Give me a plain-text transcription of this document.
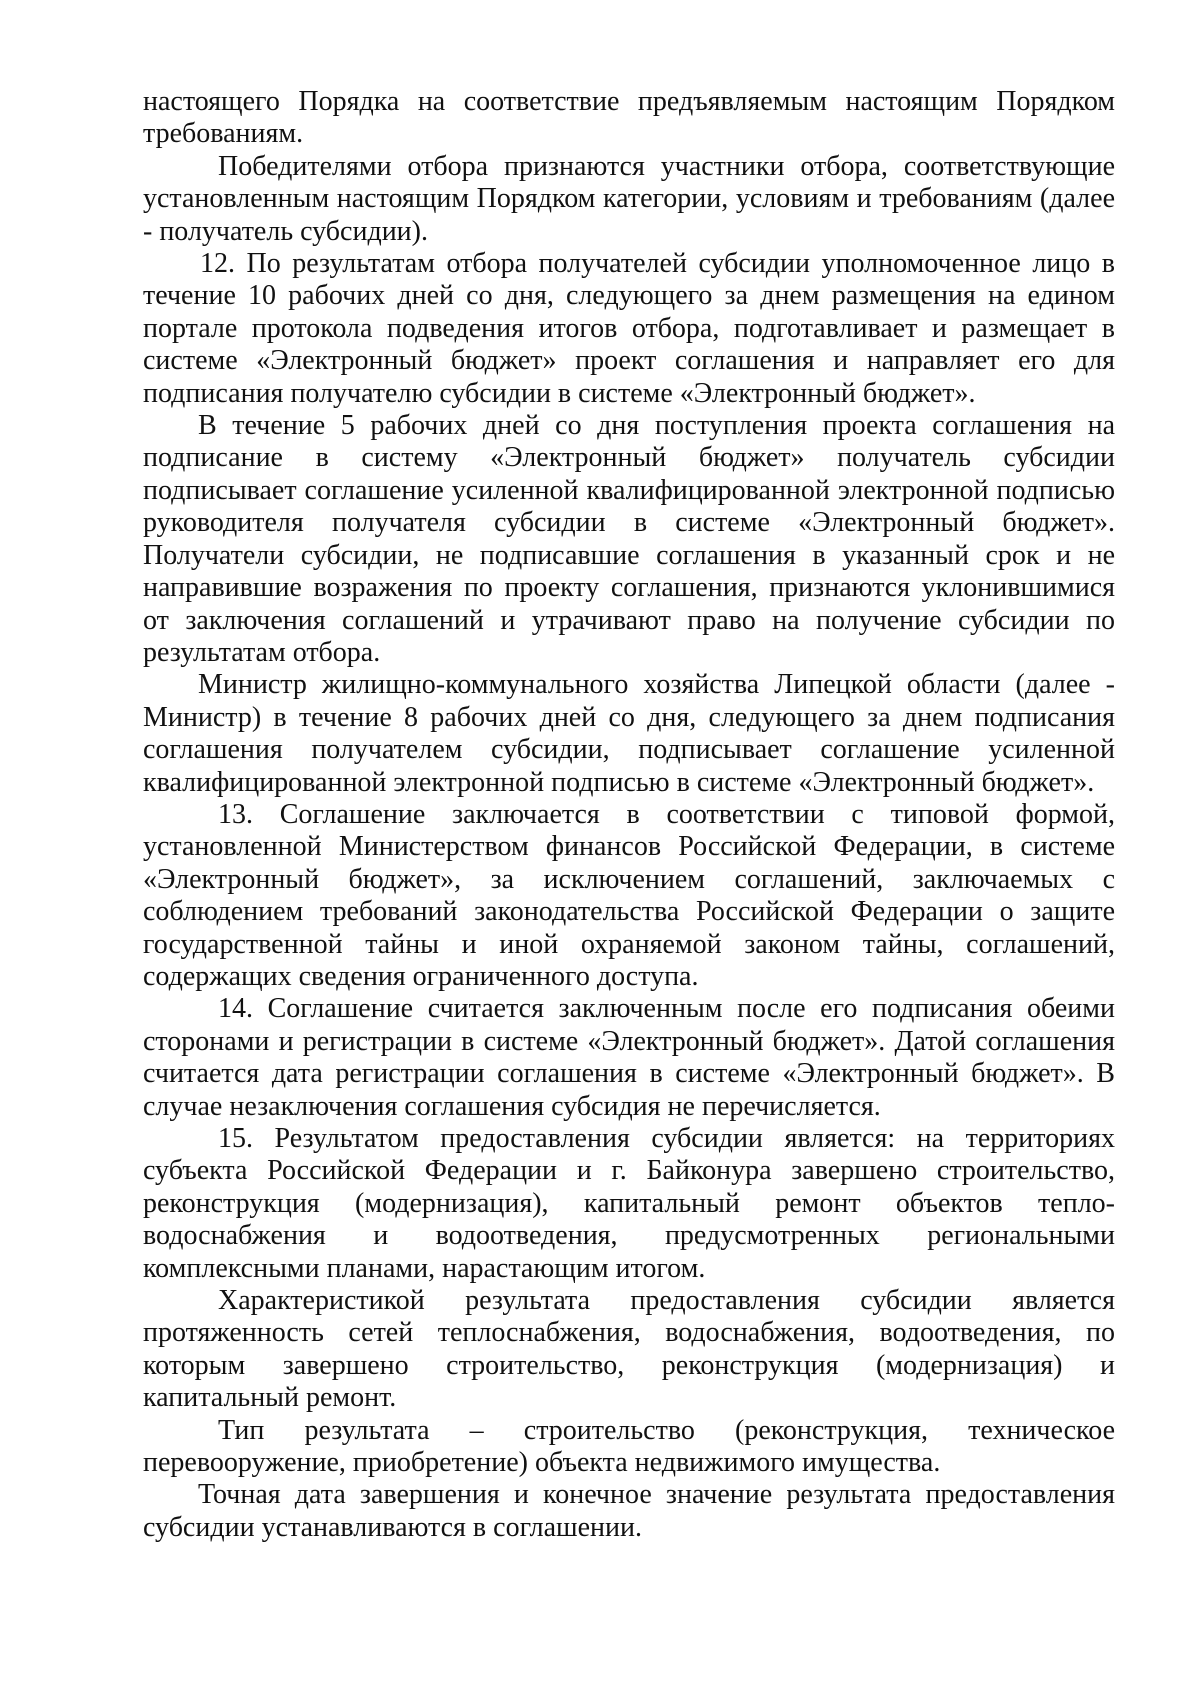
настоящего Порядка на соответствие предъявляемым настоящим Порядком требованиям.

Победителями отбора признаются участники отбора, соответствующие установленным настоящим Порядком категории, условиям и требованиям (далее - получатель субсидии).

12. По результатам отбора получателей субсидии уполномоченное лицо в течение 10 рабочих дней со дня, следующего за днем размещения на едином портале протокола подведения итогов отбора, подготавливает и размещает в системе «Электронный бюджет» проект соглашения и направляет его для подписания получателю субсидии в системе «Электронный бюджет».

В течение 5 рабочих дней со дня поступления проекта соглашения на подписание в систему «Электронный бюджет» получатель субсидии подписывает соглашение усиленной квалифицированной электронной подписью руководителя получателя субсидии в системе «Электронный бюджет». Получатели субсидии, не подписавшие соглашения в указанный срок и не направившие возражения по проекту соглашения, признаются уклонившимися от заключения соглашений и утрачивают право на получение субсидии по результатам отбора.

Министр жилищно-коммунального хозяйства Липецкой области (далее - Министр) в течение 8 рабочих дней со дня, следующего за днем подписания соглашения получателем субсидии, подписывает соглашение усиленной квалифицированной электронной подписью в системе «Электронный бюджет».

13. Соглашение заключается в соответствии с типовой формой, установленной Министерством финансов Российской Федерации, в системе «Электронный бюджет», за исключением соглашений, заключаемых с соблюдением требований законодательства Российской Федерации о защите государственной тайны и иной охраняемой законом тайны, соглашений, содержащих сведения ограниченного доступа.

14. Соглашение считается заключенным после его подписания обеими сторонами и регистрации в системе «Электронный бюджет». Датой соглашения считается дата регистрации соглашения в системе «Электронный бюджет». В случае незаключения соглашения субсидия не перечисляется.

15. Результатом предоставления субсидии является: на территориях субъекта Российской Федерации и г. Байконура завершено строительство, реконструкция (модернизация), капитальный ремонт объектов тепло-водоснабжения и водоотведения, предусмотренных региональными комплексными планами, нарастающим итогом.

Характеристикой результата предоставления субсидии является протяженность сетей теплоснабжения, водоснабжения, водоотведения, по которым завершено строительство, реконструкция (модернизация) и капитальный ремонт.

Тип результата – строительство (реконструкция, техническое перевооружение, приобретение) объекта недвижимого имущества.

Точная дата завершения и конечное значение результата предоставления субсидии устанавливаются в соглашении.
